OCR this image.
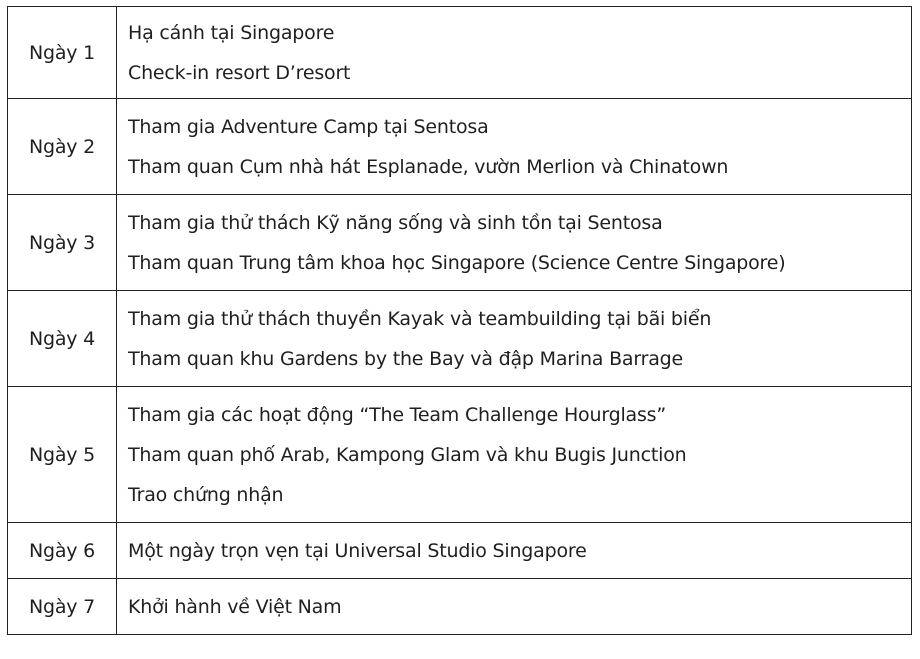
Ngày 1	Hạ cánh tại Singapore
Check-in resort D’resort

Ngày 2	Tham gia Adventure Camp tại Sentosa
Tham quan Cụm nhà hát Esplanade, vườn Merlion và Chinatown

Ngày 3	Tham gia thử thách Kỹ năng sống và sinh tồn tại Sentosa
Tham quan Trung tâm khoa học Singapore (Science Centre Singapore)

Ngày 4	Tham gia thử thách thuyền Kayak và teambuilding tại bãi biển
Tham quan khu Gardens by the Bay và đập Marina Barrage

Ngày 5	Tham gia các hoạt động “The Team Challenge Hourglass”
Tham quan phố Arab, Kampong Glam và khu Bugis Junction
Trao chứng nhận

Ngày 6	Một ngày trọn vẹn tại Universal Studio Singapore

Ngày 7	Khởi hành về Việt Nam
